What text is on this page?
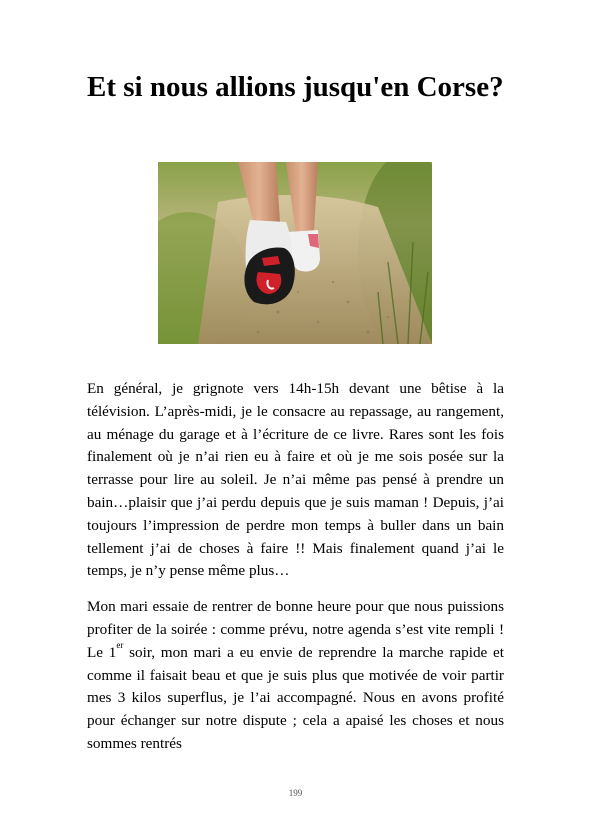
Et si nous allions jusqu'en Corse?

En général, je grignote vers 14h-15h devant une bêtise à la télévision. L’après-midi, je le consacre au repassage, au rangement, au ménage du garage et à l’écriture de ce livre. Rares sont les fois finalement où je n’ai rien eu à faire et où je me sois posée sur la terrasse pour lire au soleil. Je n’ai même pas pensé à prendre un bain…plaisir que j’ai perdu depuis que je suis maman ! Depuis, j’ai toujours l’impression de perdre mon temps à buller dans un bain tellement j’ai de choses à faire !! Mais finalement quand j’ai le temps, je n’y pense même plus…

Mon mari essaie de rentrer de bonne heure pour que nous puissions profiter de la soirée : comme prévu, notre agenda s’est vite rempli ! Le 1er soir, mon mari a eu envie de reprendre la marche rapide et comme il faisait beau et que je suis plus que motivée de voir partir mes 3 kilos superflus, je l’ai accompagné. Nous en avons profité pour échanger sur notre dispute ; cela a apaisé les choses et nous sommes rentrés

199
